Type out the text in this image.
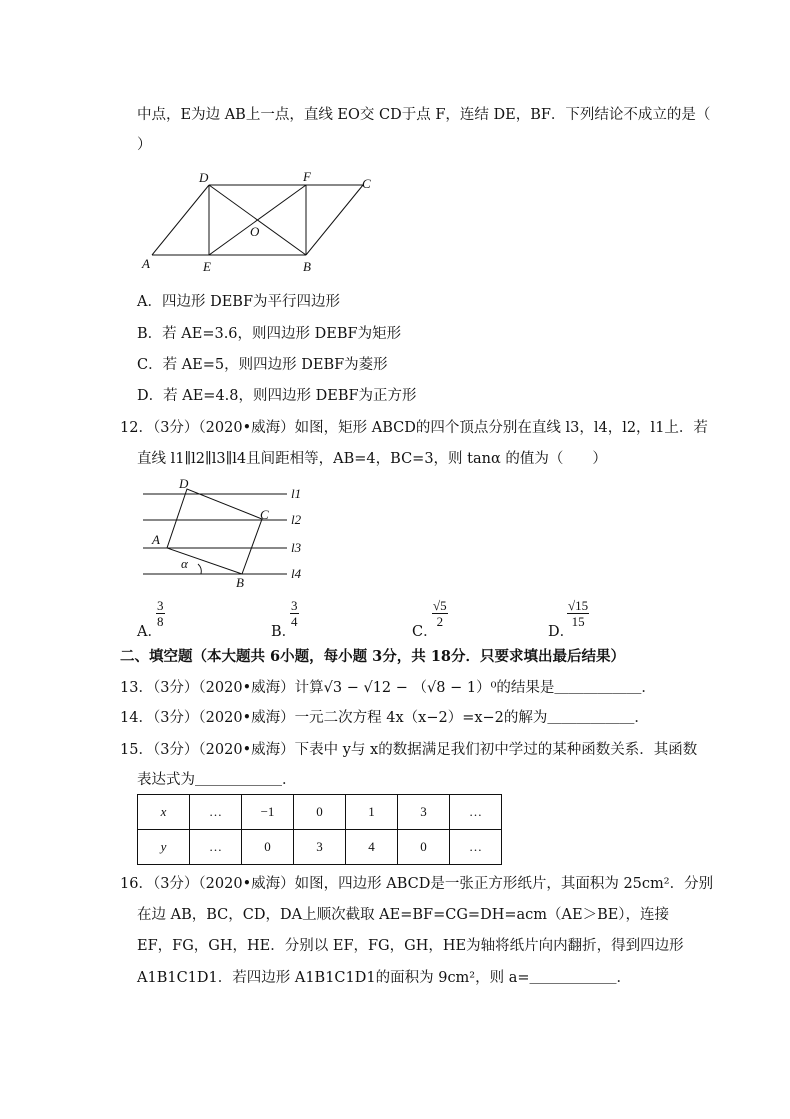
中点，E为边 AB上一点，直线 EO交 CD于点 F，连结 DE，BF．下列结论不成立的是（
）
D	F	C
O
A	E	B
A．四边形 DEBF为平行四边形
B．若 AE=3.6，则四边形 DEBF为矩形
C．若 AE=5，则四边形 DEBF为菱形
D．若 AE=4.8，则四边形 DEBF为正方形
12．（3分）（2020•威海）如图，矩形 ABCD的四个顶点分别在直线 l3，l4，l2，l1上．若
直线 l1∥l2∥l3∥l4且间距相等，AB=4，BC=3，则 tanα 的值为（　　）
D
C
A
α
B
l1
l2
l3
l4
A．
$\frac{3}{8}$
B．
$\frac{3}{4}$
C．
$\frac{√5}{2}$
D．
$\frac{√15}{15}$
二、填空题（本大题共 6小题，每小题 3分，共 18分．只要求填出最后结果）
13．（3分）（2020•威海）计算√3 − √12 − （√8 − 1）⁰的结果是＿＿＿＿＿＿．
14．（3分）（2020•威海）一元二次方程 4x（x−2）=x−2的解为＿＿＿＿＿＿．
15．（3分）（2020•威海）下表中 y与 x的数据满足我们初中学过的某种函数关系．其函数
表达式为＿＿＿＿＿＿．
x	…	−1	0	1	3	…
y	…	0	3	4	0	…
16．（3分）（2020•威海）如图，四边形 ABCD是一张正方形纸片，其面积为 25cm²．分别
在边 AB，BC，CD，DA上顺次截取 AE=BF=CG=DH=acm（AE＞BE），连接
EF，FG，GH，HE．分别以 EF，FG，GH，HE为轴将纸片向内翻折，得到四边形
A1B1C1D1．若四边形 A1B1C1D1的面积为 9cm²，则 a=＿＿＿＿＿＿．
